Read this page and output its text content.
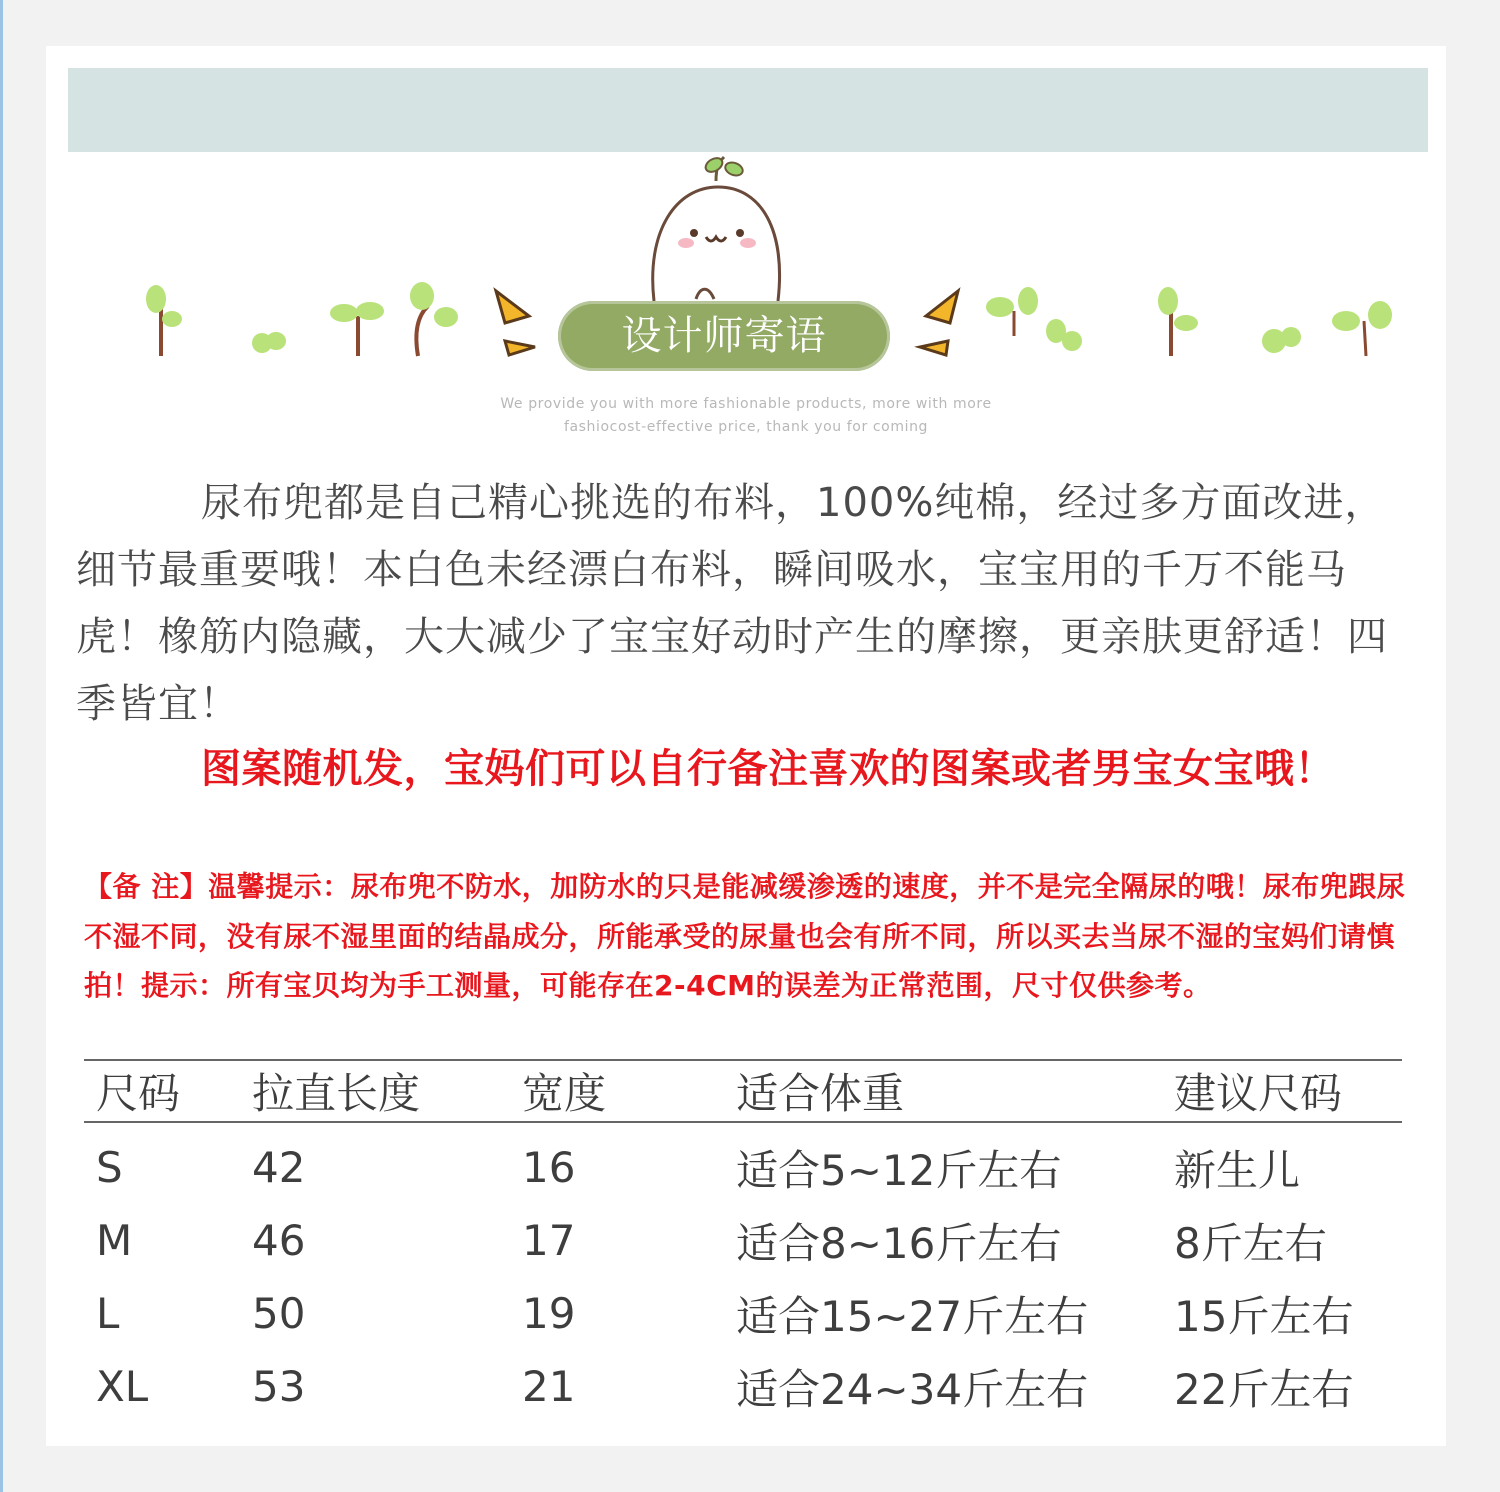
设计师寄语
We provide you with more fashionable products, more with more
fashiocost-effective price, thank you for coming

尿布兜都是自己精心挑选的布料，100%纯棉，经过多方面改进，细节最重要哦！本白色未经漂白布料，瞬间吸水，宝宝用的千万不能马虎！橡筋内隐藏，大大减少了宝宝好动时产生的摩擦，更亲肤更舒适！四季皆宜！

图案随机发，宝妈们可以自行备注喜欢的图案或者男宝女宝哦！

【备 注】温馨提示：尿布兜不防水，加防水的只是能减缓渗透的速度，并不是完全隔尿的哦！尿布兜跟尿不湿不同，没有尿不湿里面的结晶成分，所能承受的尿量也会有所不同，所以买去当尿不湿的宝妈们请慎拍！提示：所有宝贝均为手工测量，可能存在2-4CM的误差为正常范围，尺寸仅供参考。

尺码	拉直长度	宽度	适合体重	建议尺码
S	42	16	适合5~12斤左右	新生儿
M	46	17	适合8~16斤左右	8斤左右
L	50	19	适合15~27斤左右	15斤左右
XL	53	21	适合24~34斤左右	22斤左右
